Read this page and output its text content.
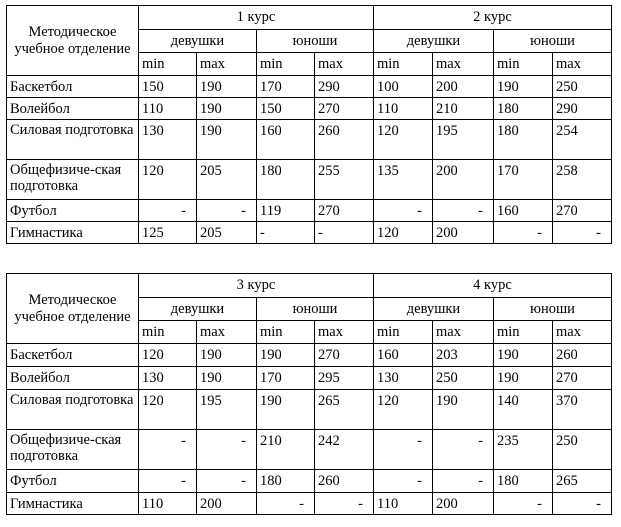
Методическое учебное отделение	1 курс				2 курс			
	девушки		юноши		девушки		юноши	
	min	max	min	max	min	max	min	max
Баскетбол	150	190	170	290	100	200	190	250
Волейбол	110	190	150	270	110	210	180	290
Силовая подготовка	130	190	160	260	120	195	180	254
Общефизиче-ская подготовка	120	205	180	255	135	200	170	258
Футбол	-	-	119	270	-	-	160	270
Гимнастика	125	205	-	-	120	200	-	-
Методическое учебное отделение	3 курс				4 курс			
	девушки		юноши		девушки		юноши	
	min	max	min	max	min	max	min	max
Баскетбол	120	190	190	270	160	203	190	260
Волейбол	130	190	170	295	130	250	190	270
Силовая подготовка	120	195	190	265	120	190	140	370
Общефизиче-ская подготовка	-	-	210	242	-	-	235	250
Футбол	-	-	180	260	-	-	180	265
Гимнастика	110	200	-	-	110	200	-	-
